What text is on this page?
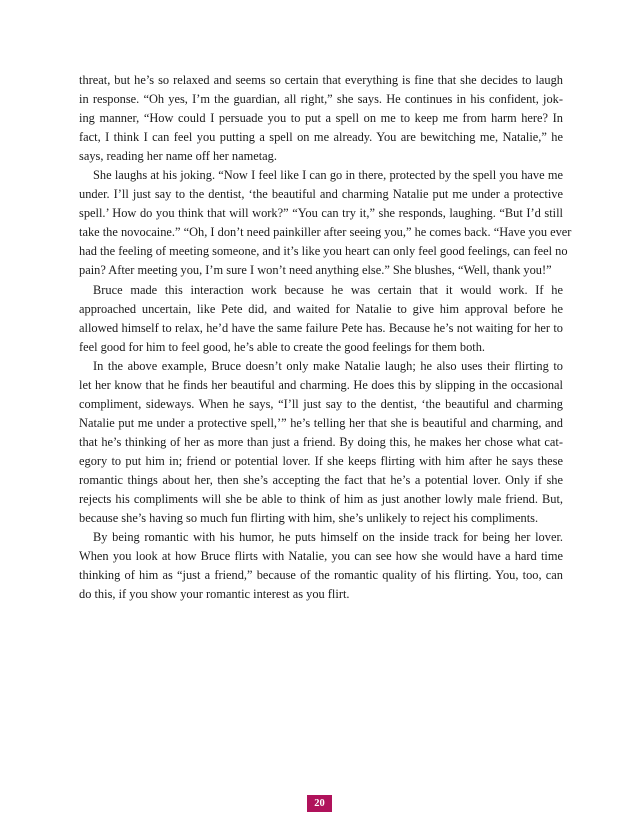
threat, but he’s so relaxed and seems so certain that everything is fine that she decides to laugh
in response. “Oh yes, I’m the guardian, all right,” she says. He continues in his confident, jok-
ing manner, “How could I persuade you to put a spell on me to keep me from harm here? In
fact, I think I can feel you putting a spell on me already. You are bewitching me, Natalie,” he
says, reading her name off her nametag.
She laughs at his joking. “Now I feel like I can go in there, protected by the spell you have me
under. I’ll just say to the dentist, ‘the beautiful and charming Natalie put me under a protective
spell.’ How do you think that will work?” “You can try it,” she responds, laughing. “But I’d still
take the novocaine.” “Oh, I don’t need painkiller after seeing you,” he comes back. “Have you ever
had the feeling of meeting someone, and it’s like you heart can only feel good feelings, can feel no
pain? After meeting you, I’m sure I won’t need anything else.” She blushes, “Well, thank you!”
Bruce made this interaction work because he was certain that it would work. If he
approached uncertain, like Pete did, and waited for Natalie to give him approval before he
allowed himself to relax, he’d have the same failure Pete has. Because he’s not waiting for her to
feel good for him to feel good, he’s able to create the good feelings for them both.
In the above example, Bruce doesn’t only make Natalie laugh; he also uses their flirting to
let her know that he finds her beautiful and charming. He does this by slipping in the occasional
compliment, sideways. When he says, “I’ll just say to the dentist, ‘the beautiful and charming
Natalie put me under a protective spell,’” he’s telling her that she is beautiful and charming, and
that he’s thinking of her as more than just a friend. By doing this, he makes her chose what cat-
egory to put him in; friend or potential lover. If she keeps flirting with him after he says these
romantic things about her, then she’s accepting the fact that he’s a potential lover. Only if she
rejects his compliments will she be able to think of him as just another lowly male friend. But,
because she’s having so much fun flirting with him, she’s unlikely to reject his compliments.
By being romantic with his humor, he puts himself on the inside track for being her lover.
When you look at how Bruce flirts with Natalie, you can see how she would have a hard time
thinking of him as “just a friend,” because of the romantic quality of his flirting. You, too, can
do this, if you show your romantic interest as you flirt.
20
